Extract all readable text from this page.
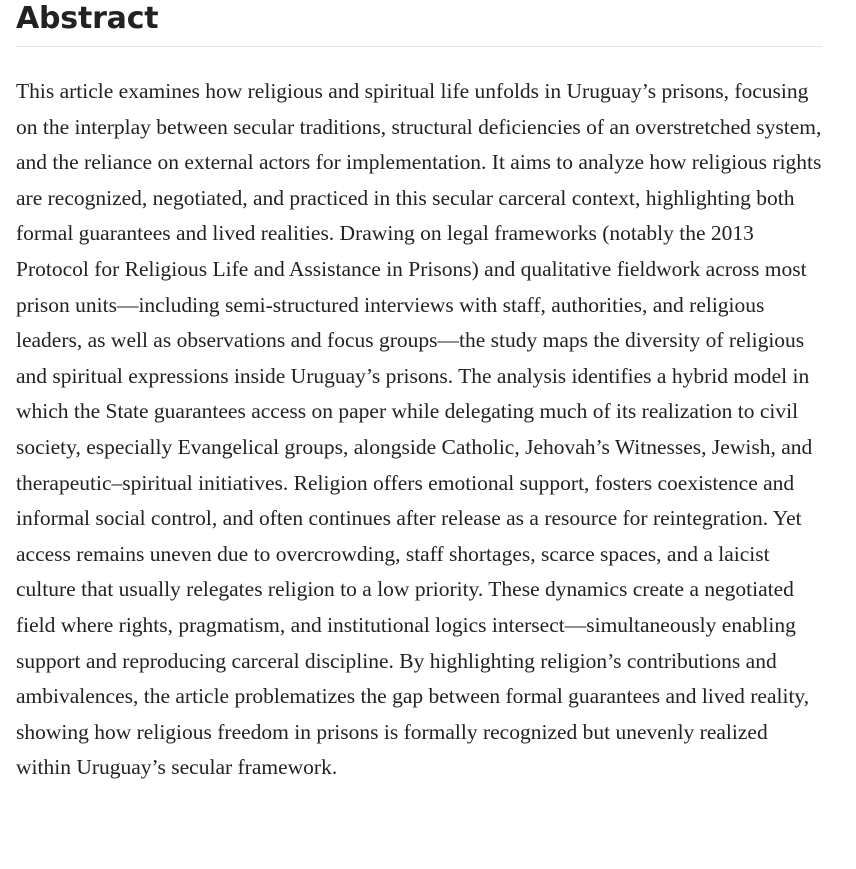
Abstract

This article examines how religious and spiritual life unfolds in Uruguay’s prisons, focusing on the interplay between secular traditions, structural deficiencies of an overstretched system, and the reliance on external actors for implementation. It aims to analyze how religious rights are recognized, negotiated, and practiced in this secular carceral context, highlighting both formal guarantees and lived realities. Drawing on legal frameworks (notably the 2013 Protocol for Religious Life and Assistance in Prisons) and qualitative fieldwork across most prison units—including semi-structured interviews with staff, authorities, and religious leaders, as well as observations and focus groups—the study maps the diversity of religious and spiritual expressions inside Uruguay’s prisons. The analysis identifies a hybrid model in which the State guarantees access on paper while delegating much of its realization to civil society, especially Evangelical groups, alongside Catholic, Jehovah’s Witnesses, Jewish, and therapeutic–spiritual initiatives. Religion offers emotional support, fosters coexistence and informal social control, and often continues after release as a resource for reintegration. Yet access remains uneven due to overcrowding, staff shortages, scarce spaces, and a laicist culture that usually relegates religion to a low priority. These dynamics create a negotiated field where rights, pragmatism, and institutional logics intersect—simultaneously enabling support and reproducing carceral discipline. By highlighting religion’s contributions and ambivalences, the article problematizes the gap between formal guarantees and lived reality, showing how religious freedom in prisons is formally recognized but unevenly realized within Uruguay’s secular framework.
